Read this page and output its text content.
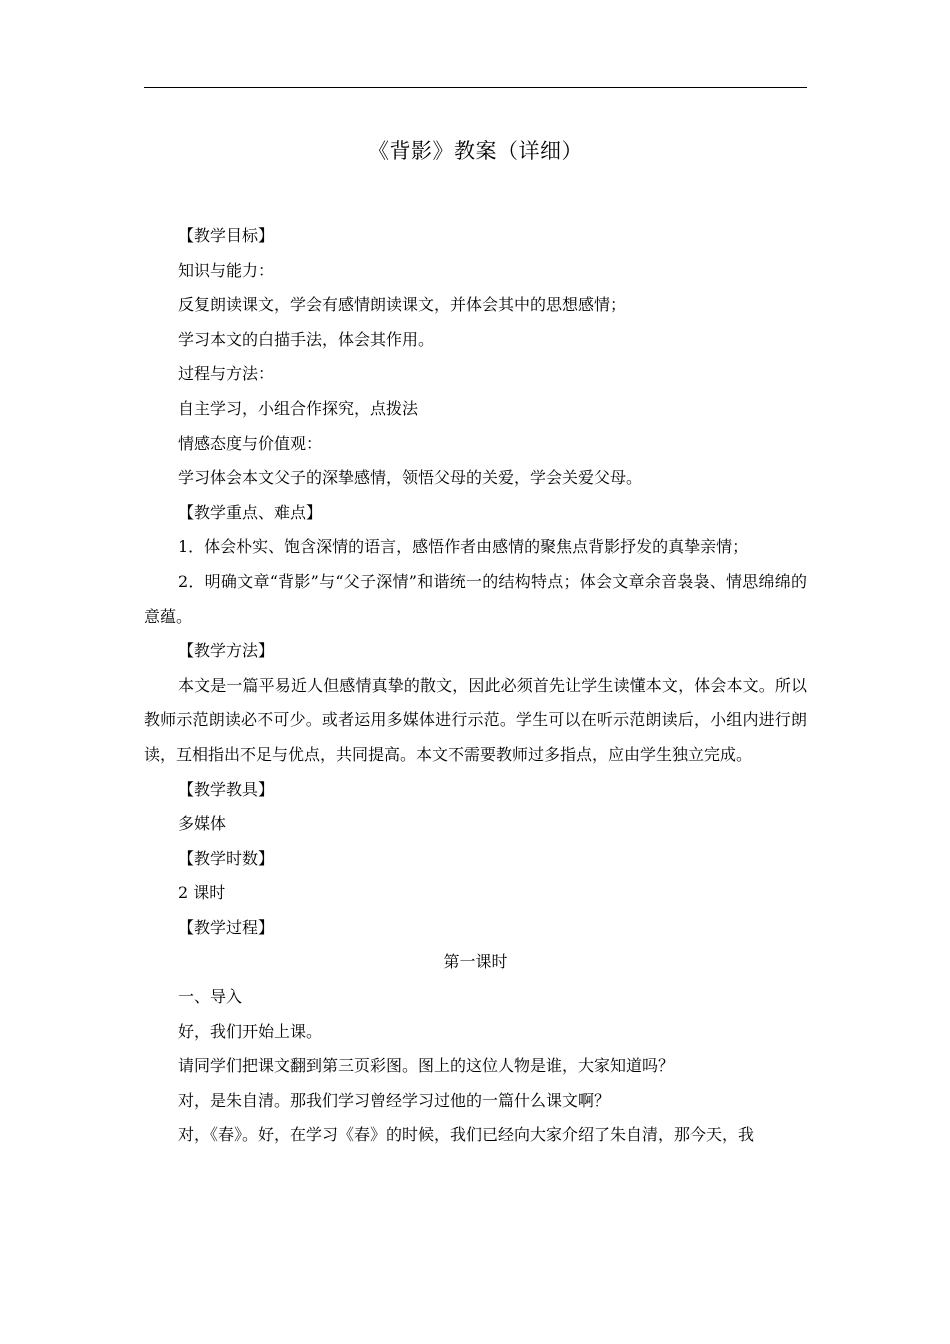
《背影》教案（详细）

【教学目标】

知识与能力：

反复朗读课文，学会有感情朗读课文，并体会其中的思想感情；

学习本文的白描手法，体会其作用。

过程与方法：

自主学习，小组合作探究，点拨法

情感态度与价值观：

学习体会本文父子的深挚感情，领悟父母的关爱，学会关爱父母。

【教学重点、难点】

1．体会朴实、饱含深情的语言，感悟作者由感情的聚焦点背影抒发的真挚亲情；

2．明确文章“背影”与“父子深情”和谐统一的结构特点；体会文章余音袅袅、情思绵绵的意蕴。

【教学方法】

本文是一篇平易近人但感情真挚的散文，因此必须首先让学生读懂本文，体会本文。所以教师示范朗读必不可少。或者运用多媒体进行示范。学生可以在听示范朗读后，小组内进行朗读，互相指出不足与优点，共同提高。本文不需要教师过多指点，应由学生独立完成。

【教学教具】

多媒体

【教学时数】

2 课时

【教学过程】

第一课时

一、导入

好，我们开始上课。

请同学们把课文翻到第三页彩图。图上的这位人物是谁，大家知道吗？

对，是朱自清。那我们学习曾经学习过他的一篇什么课文啊？

对，《春》。好，在学习《春》的时候，我们已经向大家介绍了朱自清，那今天，我
